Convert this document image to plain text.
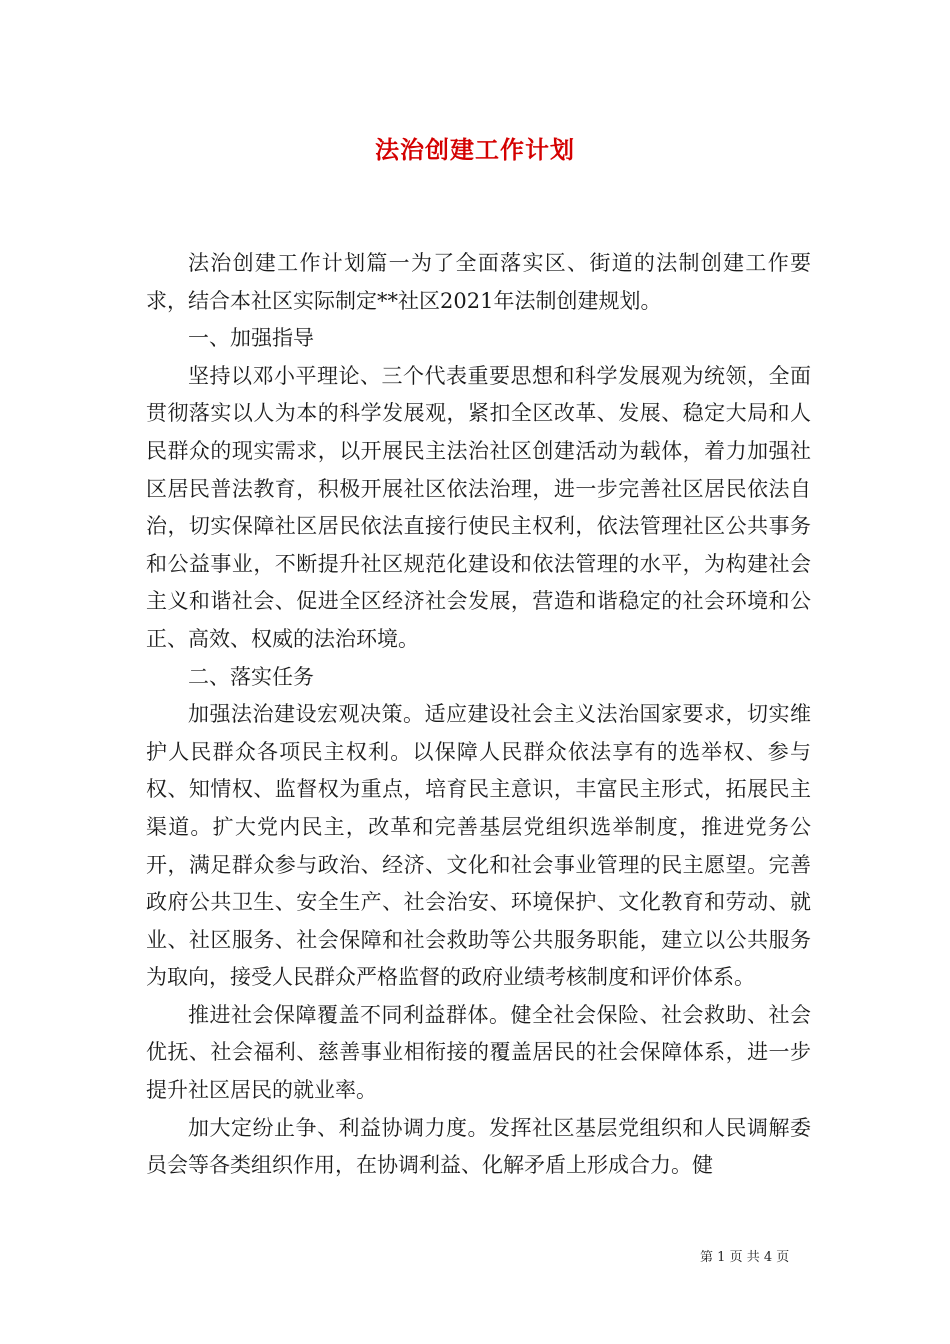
法治创建工作计划

法治创建工作计划篇一为了全面落实区、街道的法制创建工作要求，结合本社区实际制定**社区2021年法制创建规划。

一、加强指导

坚持以邓小平理论、三个代表重要思想和科学发展观为统领，全面贯彻落实以人为本的科学发展观，紧扣全区改革、发展、稳定大局和人民群众的现实需求，以开展民主法治社区创建活动为载体，着力加强社区居民普法教育，积极开展社区依法治理，进一步完善社区居民依法自治，切实保障社区居民依法直接行使民主权利，依法管理社区公共事务和公益事业，不断提升社区规范化建设和依法管理的水平，为构建社会主义和谐社会、促进全区经济社会发展，营造和谐稳定的社会环境和公正、高效、权威的法治环境。

二、落实任务

加强法治建设宏观决策。适应建设社会主义法治国家要求，切实维护人民群众各项民主权利。以保障人民群众依法享有的选举权、参与权、知情权、监督权为重点，培育民主意识，丰富民主形式，拓展民主渠道。扩大党内民主，改革和完善基层党组织选举制度，推进党务公开，满足群众参与政治、经济、文化和社会事业管理的民主愿望。完善政府公共卫生、安全生产、社会治安、环境保护、文化教育和劳动、就业、社区服务、社会保障和社会救助等公共服务职能，建立以公共服务为取向，接受人民群众严格监督的政府业绩考核制度和评价体系。

推进社会保障覆盖不同利益群体。健全社会保险、社会救助、社会优抚、社会福利、慈善事业相衔接的覆盖居民的社会保障体系，进一步提升社区居民的就业率。

加大定纷止争、利益协调力度。发挥社区基层党组织和人民调解委员会等各类组织作用，在协调利益、化解矛盾上形成合力。健

第 1 页 共 4 页
